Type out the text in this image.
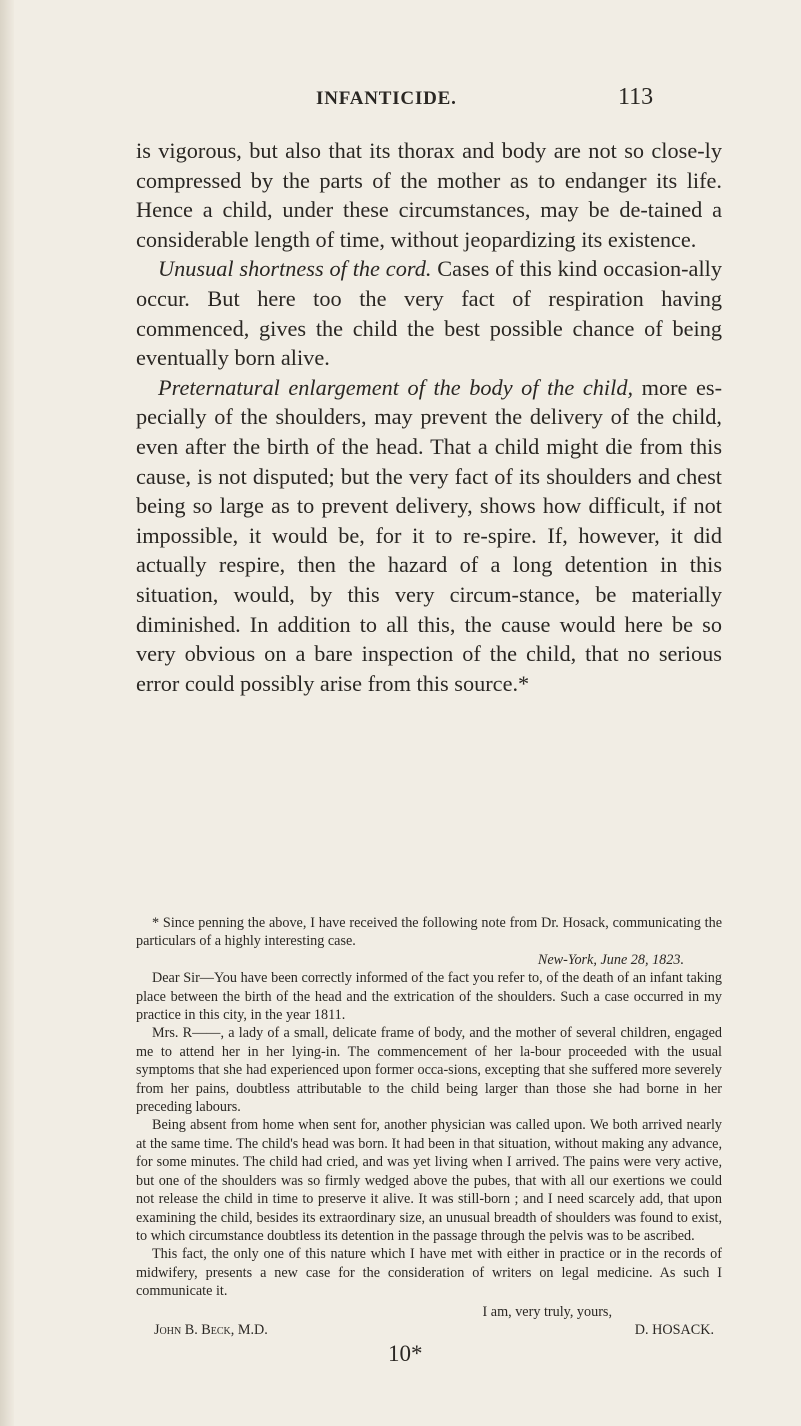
INFANTICIDE.	113

is vigorous, but also that its thorax and body are not so close-ly compressed by the parts of the mother as to endanger its life. Hence a child, under these circumstances, may be de-tained a considerable length of time, without jeopardizing its existence.

Unusual shortness of the cord. Cases of this kind occasion-ally occur. But here too the very fact of respiration having commenced, gives the child the best possible chance of being eventually born alive.

Preternatural enlargement of the body of the child, more es-pecially of the shoulders, may prevent the delivery of the child, even after the birth of the head. That a child might die from this cause, is not disputed; but the very fact of its shoulders and chest being so large as to prevent delivery, shows how difficult, if not impossible, it would be, for it to re-spire. If, however, it did actually respire, then the hazard of a long detention in this situation, would, by this very circum-stance, be materially diminished. In addition to all this, the cause would here be so very obvious on a bare inspection of the child, that no serious error could possibly arise from this source.*

* Since penning the above, I have received the following note from Dr. Hosack, communicating the particulars of a highly interesting case.

New-York, June 28, 1823.

Dear Sir—You have been correctly informed of the fact you refer to, of the death of an infant taking place between the birth of the head and the extrication of the shoulders. Such a case occurred in my practice in this city, in the year 1811.

Mrs. R——, a lady of a small, delicate frame of body, and the mother of several children, engaged me to attend her in her lying-in. The commencement of her la-bour proceeded with the usual symptoms that she had experienced upon former occa-sions, excepting that she suffered more severely from her pains, doubtless attributable to the child being larger than those she had borne in her preceding labours.

Being absent from home when sent for, another physician was called upon. We both arrived nearly at the same time. The child's head was born. It had been in that situation, without making any advance, for some minutes. The child had cried, and was yet living when I arrived. The pains were very active, but one of the shoulders was so firmly wedged above the pubes, that with all our exertions we could not release the child in time to preserve it alive. It was still-born ; and I need scarcely add, that upon examining the child, besides its extraordinary size, an unusual breadth of shoulders was found to exist, to which circumstance doubtless its detention in the passage through the pelvis was to be ascribed.

This fact, the only one of this nature which I have met with either in practice or in the records of midwifery, presents a new case for the consideration of writers on legal medicine. As such I communicate it.

I am, very truly, yours,

John B. Beck, M.D.	D. HOSACK.

10*
